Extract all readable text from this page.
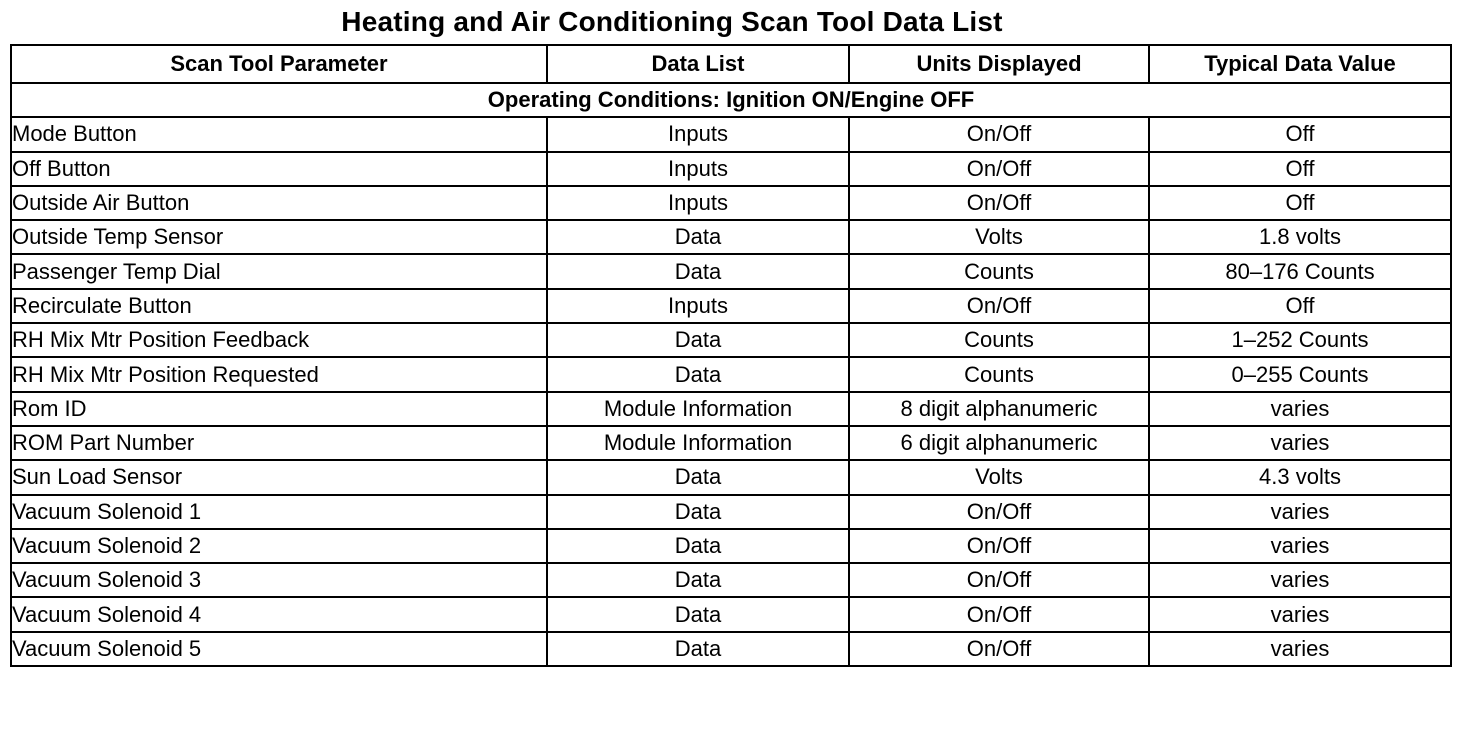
Heating and Air Conditioning Scan Tool Data List
Scan Tool Parameter	Data List	Units Displayed	Typical Data Value
Operating Conditions: Ignition ON/Engine OFF			
Mode Button	Inputs	On/Off	Off
Off Button	Inputs	On/Off	Off
Outside Air Button	Inputs	On/Off	Off
Outside Temp Sensor	Data	Volts	1.8 volts
Passenger Temp Dial	Data	Counts	80–176 Counts
Recirculate Button	Inputs	On/Off	Off
RH Mix Mtr Position Feedback	Data	Counts	1–252 Counts
RH Mix Mtr Position Requested	Data	Counts	0–255 Counts
Rom ID	Module Information	8 digit alphanumeric	varies
ROM Part Number	Module Information	6 digit alphanumeric	varies
Sun Load Sensor	Data	Volts	4.3 volts
Vacuum Solenoid 1	Data	On/Off	varies
Vacuum Solenoid 2	Data	On/Off	varies
Vacuum Solenoid 3	Data	On/Off	varies
Vacuum Solenoid 4	Data	On/Off	varies
Vacuum Solenoid 5	Data	On/Off	varies
